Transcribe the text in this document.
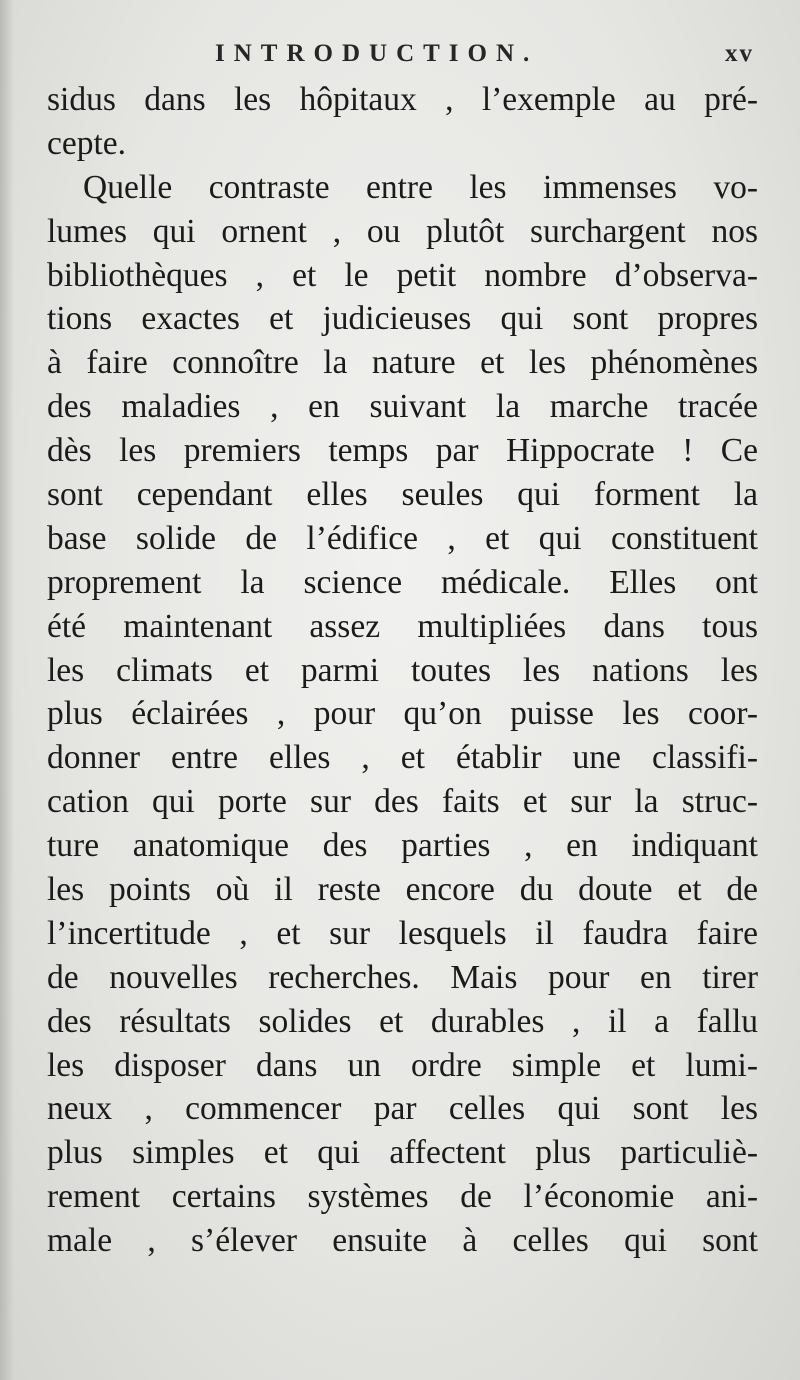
INTRODUCTION.	xv
sidus dans les hôpitaux , l’exemple au pré-
cepte.
Quelle contraste entre les immenses vo-
lumes qui ornent , ou plutôt surchargent nos
bibliothèques , et le petit nombre d’observa-
tions exactes et judicieuses qui sont propres
à faire connoître la nature et les phénomènes
des maladies , en suivant la marche tracée
dès les premiers temps par Hippocrate ! Ce
sont cependant elles seules qui forment la
base solide de l’édifice , et qui constituent
proprement la science médicale. Elles ont
été maintenant assez multipliées dans tous
les climats et parmi toutes les nations les
plus éclairées , pour qu’on puisse les coor-
donner entre elles , et établir une classifi-
cation qui porte sur des faits et sur la struc-
ture anatomique des parties , en indiquant
les points où il reste encore du doute et de
l’incertitude , et sur lesquels il faudra faire
de nouvelles recherches. Mais pour en tirer
des résultats solides et durables , il a fallu
les disposer dans un ordre simple et lumi-
neux , commencer par celles qui sont les
plus simples et qui affectent plus particuliè-
rement certains systèmes de l’économie ani-
male , s’élever ensuite à celles qui sont
